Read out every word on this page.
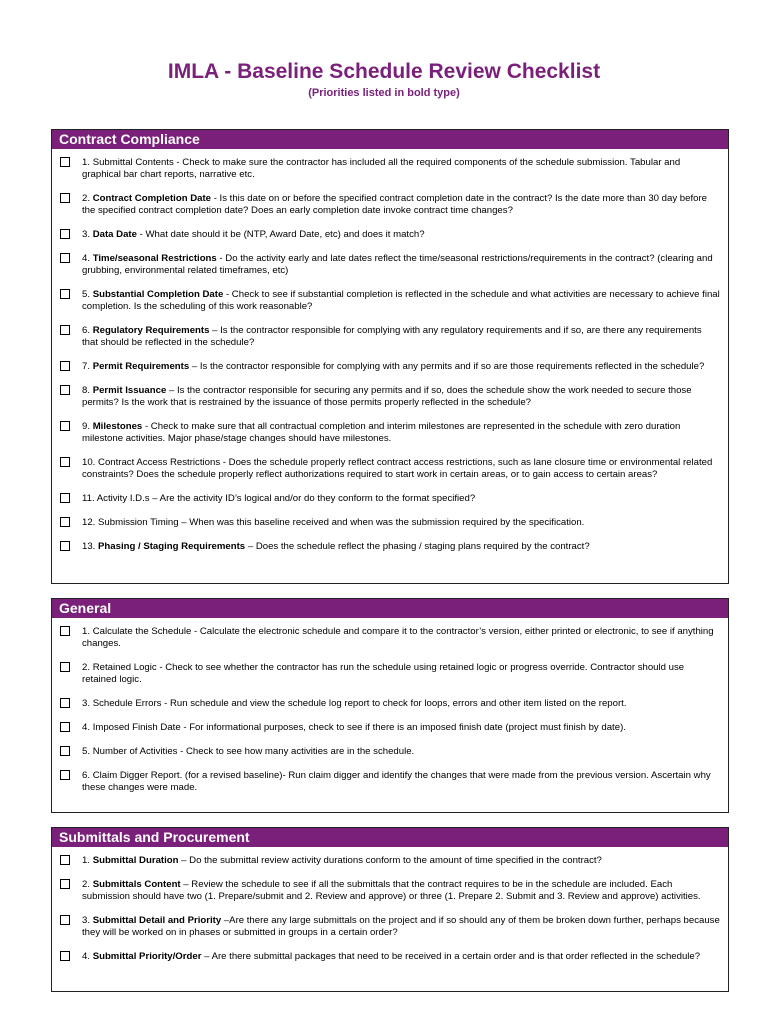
IMLA - Baseline Schedule Review Checklist
(Priorities listed in bold type)
Contract Compliance
1. Submittal Contents - Check to make sure the contractor has included all the required components of the schedule submission. Tabular and graphical bar chart reports, narrative etc.
2. Contract Completion Date - Is this date on or before the specified contract completion date in the contract? Is the date more than 30 day before the specified contract completion date? Does an early completion date invoke contract time changes?
3. Data Date - What date should it be (NTP, Award Date, etc) and does it match?
4. Time/seasonal Restrictions - Do the activity early and late dates reflect the time/seasonal restrictions/requirements in the contract? (clearing and grubbing, environmental related timeframes, etc)
5. Substantial Completion Date - Check to see if substantial completion is reflected in the schedule and what activities are necessary to achieve final completion. Is the scheduling of this work reasonable?
6. Regulatory Requirements – Is the contractor responsible for complying with any regulatory requirements and if so, are there any requirements that should be reflected in the schedule?
7. Permit Requirements – Is the contractor responsible for complying with any permits and if so are those requirements reflected in the schedule?
8. Permit Issuance – Is the contractor responsible for securing any permits and if so, does the schedule show the work needed to secure those permits? Is the work that is restrained by the issuance of those permits properly reflected in the schedule?
9. Milestones - Check to make sure that all contractual completion and interim milestones are represented in the schedule with zero duration milestone activities. Major phase/stage changes should have milestones.
10. Contract Access Restrictions - Does the schedule properly reflect contract access restrictions, such as lane closure time or environmental related constraints? Does the schedule properly reflect authorizations required to start work in certain areas, or to gain access to certain areas?
11. Activity I.D.s – Are the activity ID’s logical and/or do they conform to the format specified?
12. Submission Timing – When was this baseline received and when was the submission required by the specification.
13. Phasing / Staging Requirements – Does the schedule reflect the phasing / staging plans required by the contract?
General
1. Calculate the Schedule - Calculate the electronic schedule and compare it to the contractor’s version, either printed or electronic, to see if anything changes.
2. Retained Logic - Check to see whether the contractor has run the schedule using retained logic or progress override. Contractor should use retained logic.
3. Schedule Errors - Run schedule and view the schedule log report to check for loops, errors and other item listed on the report.
4. Imposed Finish Date - For informational purposes, check to see if there is an imposed finish date (project must finish by date).
5. Number of Activities - Check to see how many activities are in the schedule.
6. Claim Digger Report. (for a revised baseline)- Run claim digger and identify the changes that were made from the previous version. Ascertain why these changes were made.
Submittals and Procurement
1. Submittal Duration – Do the submittal review activity durations conform to the amount of time specified in the contract?
2. Submittals Content – Review the schedule to see if all the submittals that the contract requires to be in the schedule are included. Each submission should have two (1. Prepare/submit and 2. Review and approve) or three (1. Prepare 2. Submit and 3. Review and approve) activities.
3. Submittal Detail and Priority –Are there any large submittals on the project and if so should any of them be broken down further, perhaps because they will be worked on in phases or submitted in groups in a certain order?
4. Submittal Priority/Order – Are there submittal packages that need to be received in a certain order and is that order reflected in the schedule?
